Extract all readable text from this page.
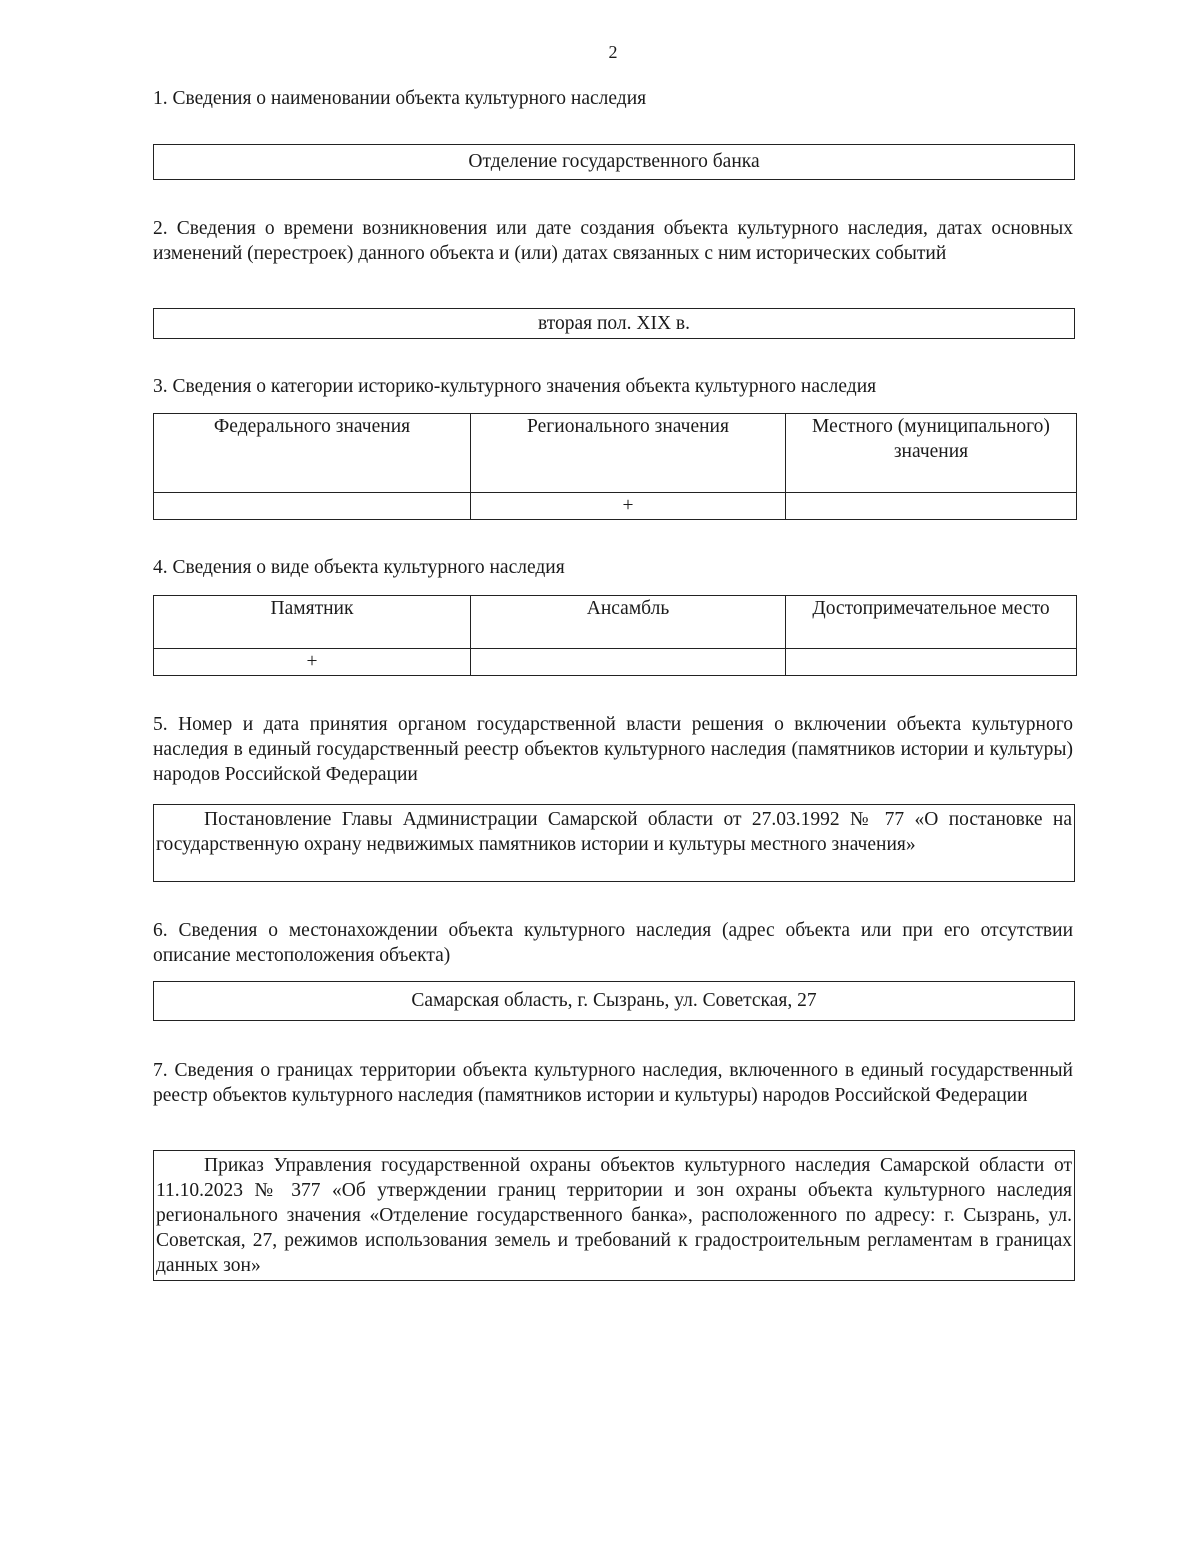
2
1. Сведения о наименовании объекта культурного наследия
Отделение государственного банка
2. Сведения о времени возникновения или дате создания объекта культурного наследия, датах основных изменений (перестроек) данного объекта и (или) датах связанных с ним исторических событий
вторая пол. XIX в.
3. Сведения о категории историко-культурного значения объекта культурного наследия
Федерального значения	Регионального значения	Местного (муниципального) значения
	+	
4. Сведения о виде объекта культурного наследия
Памятник	Ансамбль	Достопримечательное место
+		
5. Номер и дата принятия органом государственной власти решения о включении объекта культурного наследия в единый государственный реестр объектов культурного наследия (памятников истории и культуры) народов Российской Федерации
Постановление Главы Администрации Самарской области от 27.03.1992 № 77 «О постановке на государственную охрану недвижимых памятников истории и культуры местного значения»
6. Сведения о местонахождении объекта культурного наследия (адрес объекта или при его отсутствии описание местоположения объекта)
Самарская область, г. Сызрань, ул. Советская, 27
7. Сведения о границах территории объекта культурного наследия, включенного в единый государственный реестр объектов культурного наследия (памятников истории и культуры) народов Российской Федерации
Приказ Управления государственной охраны объектов культурного наследия Самарской области от 11.10.2023 № 377 «Об утверждении границ территории и зон охраны объекта культурного наследия регионального значения «Отделение государственного банка», расположенного по адресу: г. Сызрань, ул. Советская, 27, режимов использования земель и требований к градостроительным регламентам в границах данных зон»
